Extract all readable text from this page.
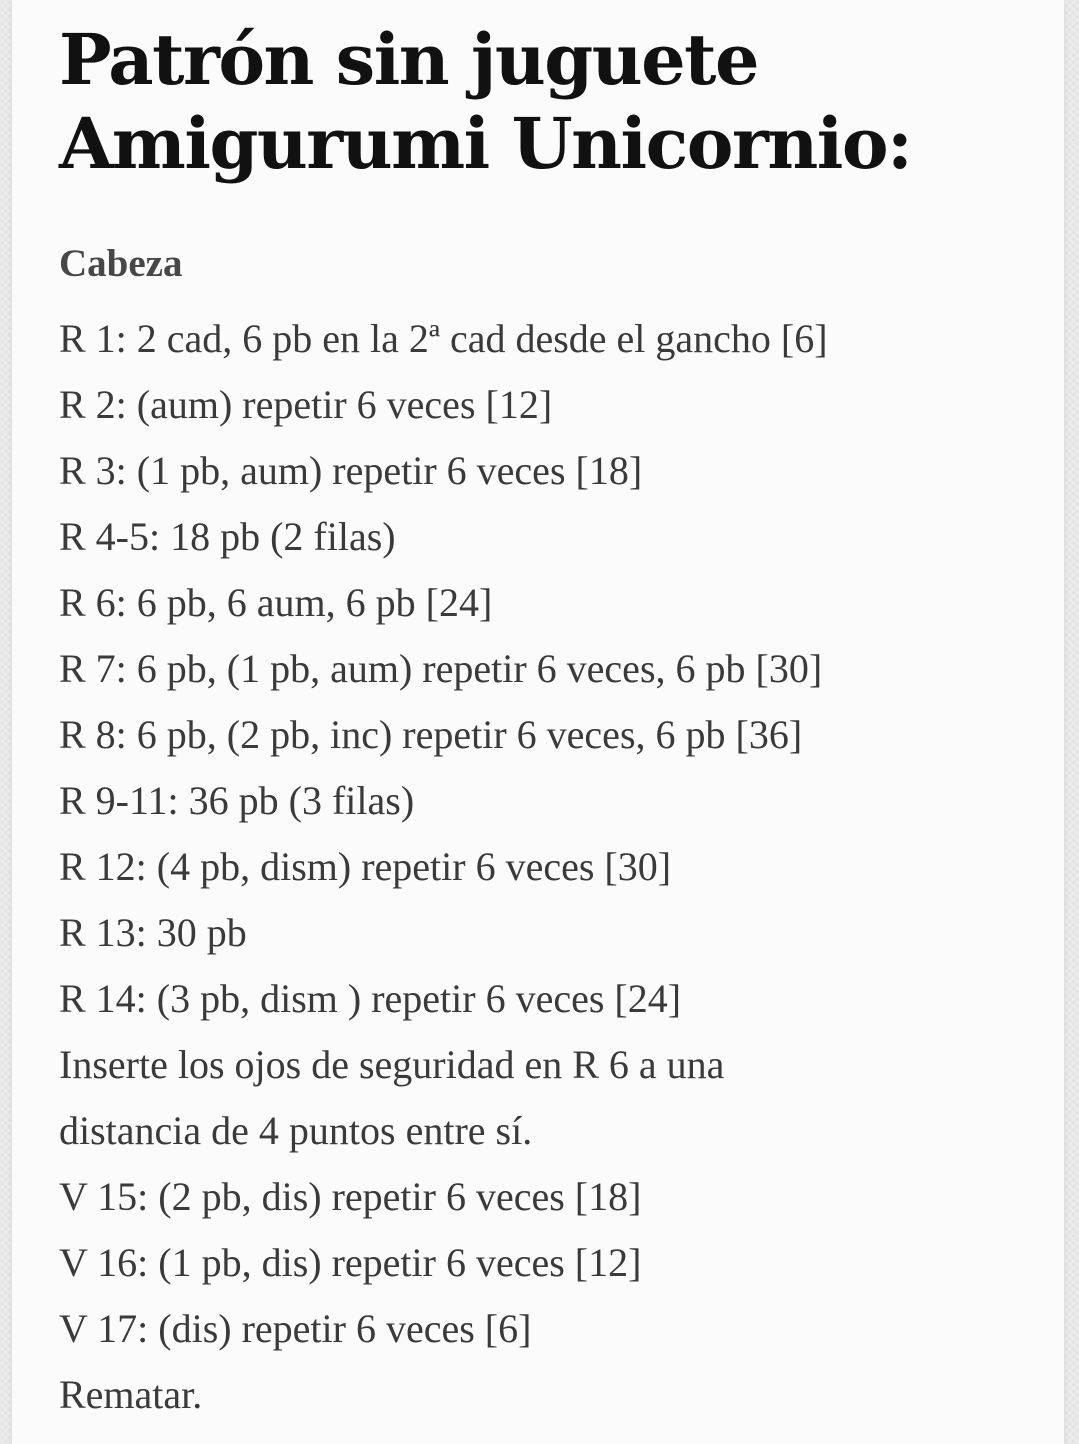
Patrón sin juguete
Amigurumi Unicornio:
Cabeza
R 1: 2 cad, 6 pb en la 2ª cad desde el gancho [6]
R 2: (aum) repetir 6 veces [12]
R 3: (1 pb, aum) repetir 6 veces [18]
R 4-5: 18 pb (2 filas)
R 6: 6 pb, 6 aum, 6 pb [24]
R 7: 6 pb, (1 pb, aum) repetir 6 veces, 6 pb [30]
R 8: 6 pb, (2 pb, inc) repetir 6 veces, 6 pb [36]
R 9-11: 36 pb (3 filas)
R 12: (4 pb, dism) repetir 6 veces [30]
R 13: 30 pb
R 14: (3 pb, dism ) repetir 6 veces [24]
Inserte los ojos de seguridad en R 6 a una
distancia de 4 puntos entre sí.
V 15: (2 pb, dis) repetir 6 veces [18]
V 16: (1 pb, dis) repetir 6 veces [12]
V 17: (dis) repetir 6 veces [6]
Rematar.
